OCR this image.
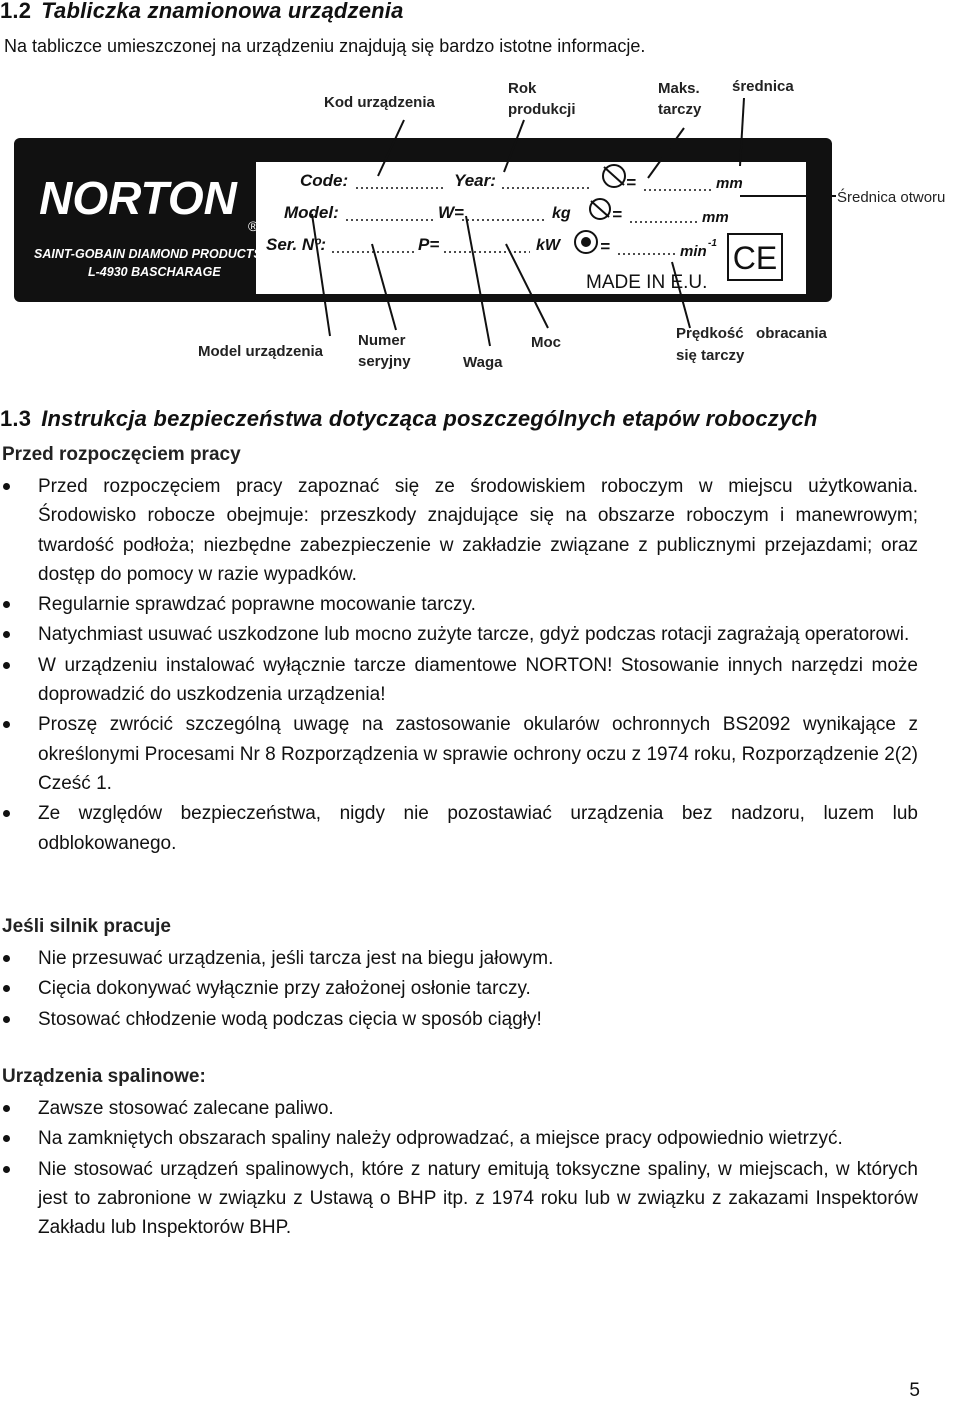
1.2 Tabliczka znamionowa urządzenia
Na tabliczce umieszczonej na urządzeniu znajdują się bardzo istotne informacje.
NORTON
®
SAINT-GOBAIN DIAMOND PRODUCTS
L-4930 BASCHARAGE
Code:	Year:
Model:	W=	kg
Ser. Nº:	P=	kW
=
=
=
mm
mm
min -1 CE
MADE IN E.U.
Kod urządzenia
Rok
produkcji
Maks.
tarczy
średnica
Średnica otworu
Model urządzenia
Numer
seryjny	Waga
Moc
Prędkość   obracania
się tarczy
1.3 Instrukcja bezpieczeństwa dotycząca poszczególnych etapów roboczych
Przed rozpoczęciem pracy
Przed rozpoczęciem pracy zapoznać się ze środowiskiem roboczym w miejscu użytkowania. Środowisko robocze obejmuje: przeszkody znajdujące się na obszarze roboczym i manewrowym; twardość podłoża; niezbędne zabezpieczenie w zakładzie związane z publicznymi przejazdami; oraz dostęp do pomocy w razie wypadków.
Regularnie sprawdzać poprawne mocowanie tarczy.
Natychmiast usuwać uszkodzone lub mocno zużyte tarcze, gdyż podczas rotacji zagrażają operatorowi.
W urządzeniu instalować wyłącznie tarcze diamentowe NORTON! Stosowanie innych narzędzi może doprowadzić do uszkodzenia urządzenia!
Proszę zwrócić szczególną uwagę na zastosowanie okularów ochronnych BS2092 wynikające z określonymi Procesami Nr 8 Rozporządzenia w sprawie ochrony oczu z 1974 roku, Rozporządzenie 2(2) Cześć 1.
Ze względów bezpieczeństwa, nigdy nie pozostawiać urządzenia bez nadzoru, luzem lub odblokowanego.
Jeśli silnik pracuje
Nie przesuwać urządzenia, jeśli tarcza jest na biegu jałowym.
Cięcia dokonywać wyłącznie przy założonej osłonie tarczy.
Stosować chłodzenie wodą podczas cięcia w sposób ciągły!
Urządzenia spalinowe:
Zawsze stosować zalecane paliwo.
Na zamkniętych obszarach spaliny należy odprowadzać, a miejsce pracy odpowiednio wietrzyć.
Nie stosować urządzeń spalinowych, które z natury emitują toksyczne spaliny, w miejscach, w których jest to zabronione w związku z Ustawą o BHP itp. z 1974 roku lub w związku z zakazami Inspektorów Zakładu lub Inspektorów BHP.
5
